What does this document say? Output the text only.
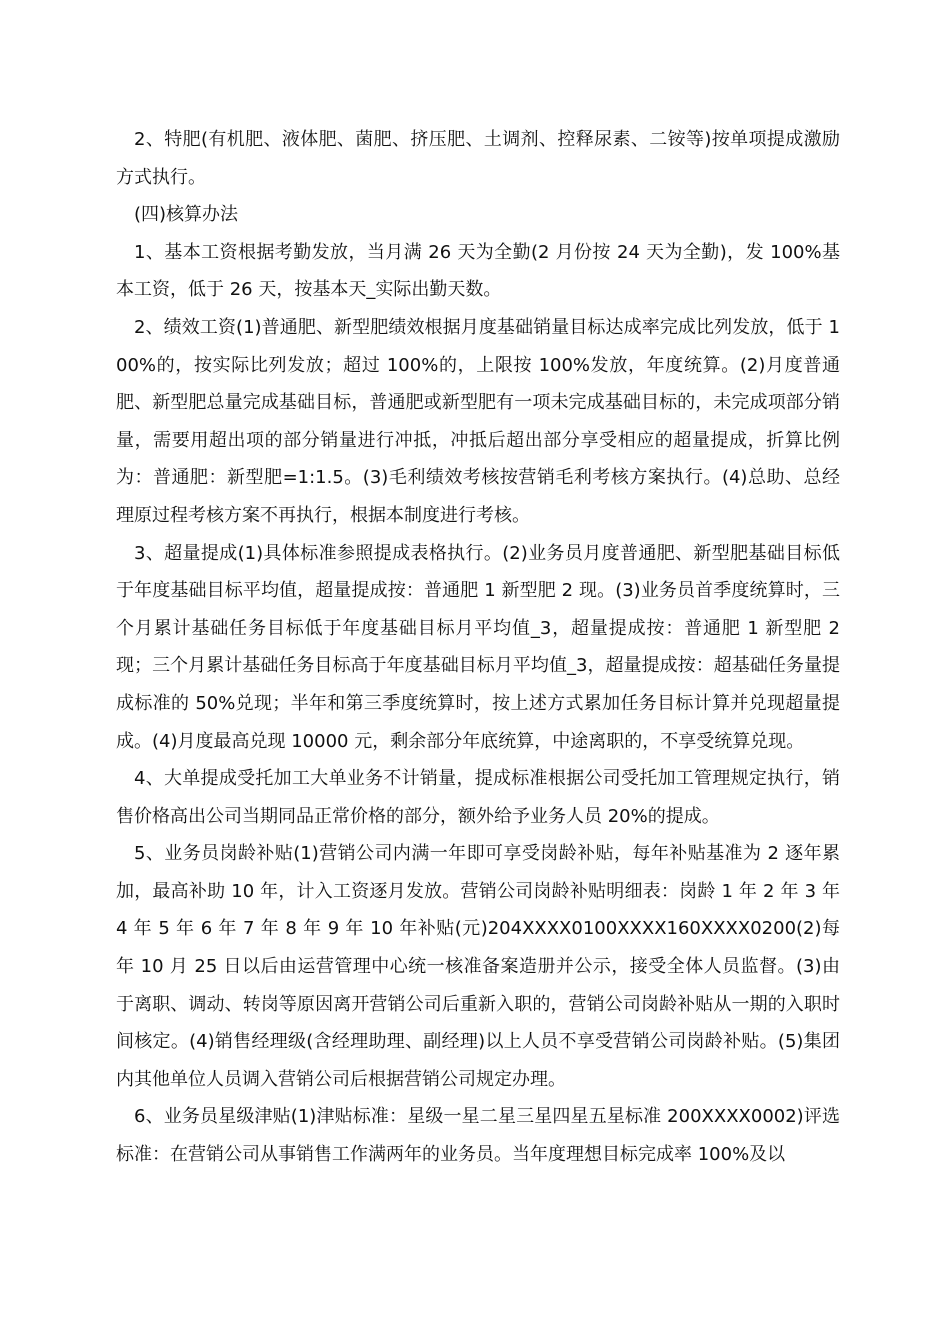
2、特肥(有机肥、液体肥、菌肥、挤压肥、土调剂、控释尿素、二铵等)按单项提成激励方式执行。

(四)核算办法

1、基本工资根据考勤发放，当月满 26 天为全勤(2 月份按 24 天为全勤)，发 100%基本工资，低于 26 天，按基本天_实际出勤天数。

2、绩效工资(1)普通肥、新型肥绩效根据月度基础销量目标达成率完成比列发放，低于 100%的，按实际比列发放；超过 100%的，上限按 100%发放，年度统算。(2)月度普通肥、新型肥总量完成基础目标，普通肥或新型肥有一项未完成基础目标的，未完成项部分销量，需要用超出项的部分销量进行冲抵，冲抵后超出部分享受相应的超量提成，折算比例为：普通肥：新型肥=1:1.5。(3)毛利绩效考核按营销毛利考核方案执行。(4)总助、总经理原过程考核方案不再执行，根据本制度进行考核。

3、超量提成(1)具体标准参照提成表格执行。(2)业务员月度普通肥、新型肥基础目标低于年度基础目标平均值，超量提成按：普通肥 1 新型肥 2 现。(3)业务员首季度统算时，三个月累计基础任务目标低于年度基础目标月平均值_3，超量提成按：普通肥 1 新型肥 2 现；三个月累计基础任务目标高于年度基础目标月平均值_3，超量提成按：超基础任务量提成标准的 50%兑现；半年和第三季度统算时，按上述方式累加任务目标计算并兑现超量提成。(4)月度最高兑现 10000 元，剩余部分年底统算，中途离职的，不享受统算兑现。

4、大单提成受托加工大单业务不计销量，提成标准根据公司受托加工管理规定执行，销售价格高出公司当期同品正常价格的部分，额外给予业务人员 20%的提成。

5、业务员岗龄补贴(1)营销公司内满一年即可享受岗龄补贴，每年补贴基准为 2 逐年累加，最高补助 10 年，计入工资逐月发放。营销公司岗龄补贴明细表：岗龄 1 年 2 年 3 年 4 年 5 年 6 年 7 年 8 年 9 年 10 年补贴(元)204XXXX0100XXXX160XXXX0200(2)每年 10 月 25 日以后由运营管理中心统一核准备案造册并公示，接受全体人员监督。(3)由于离职、调动、转岗等原因离开营销公司后重新入职的，营销公司岗龄补贴从一期的入职时间核定。(4)销售经理级(含经理助理、副经理)以上人员不享受营销公司岗龄补贴。(5)集团内其他单位人员调入营销公司后根据营销公司规定办理。

6、业务员星级津贴(1)津贴标准：星级一星二星三星四星五星标准 200XXXX0002)评选标准：在营销公司从事销售工作满两年的业务员。当年度理想目标完成率 100%及以
